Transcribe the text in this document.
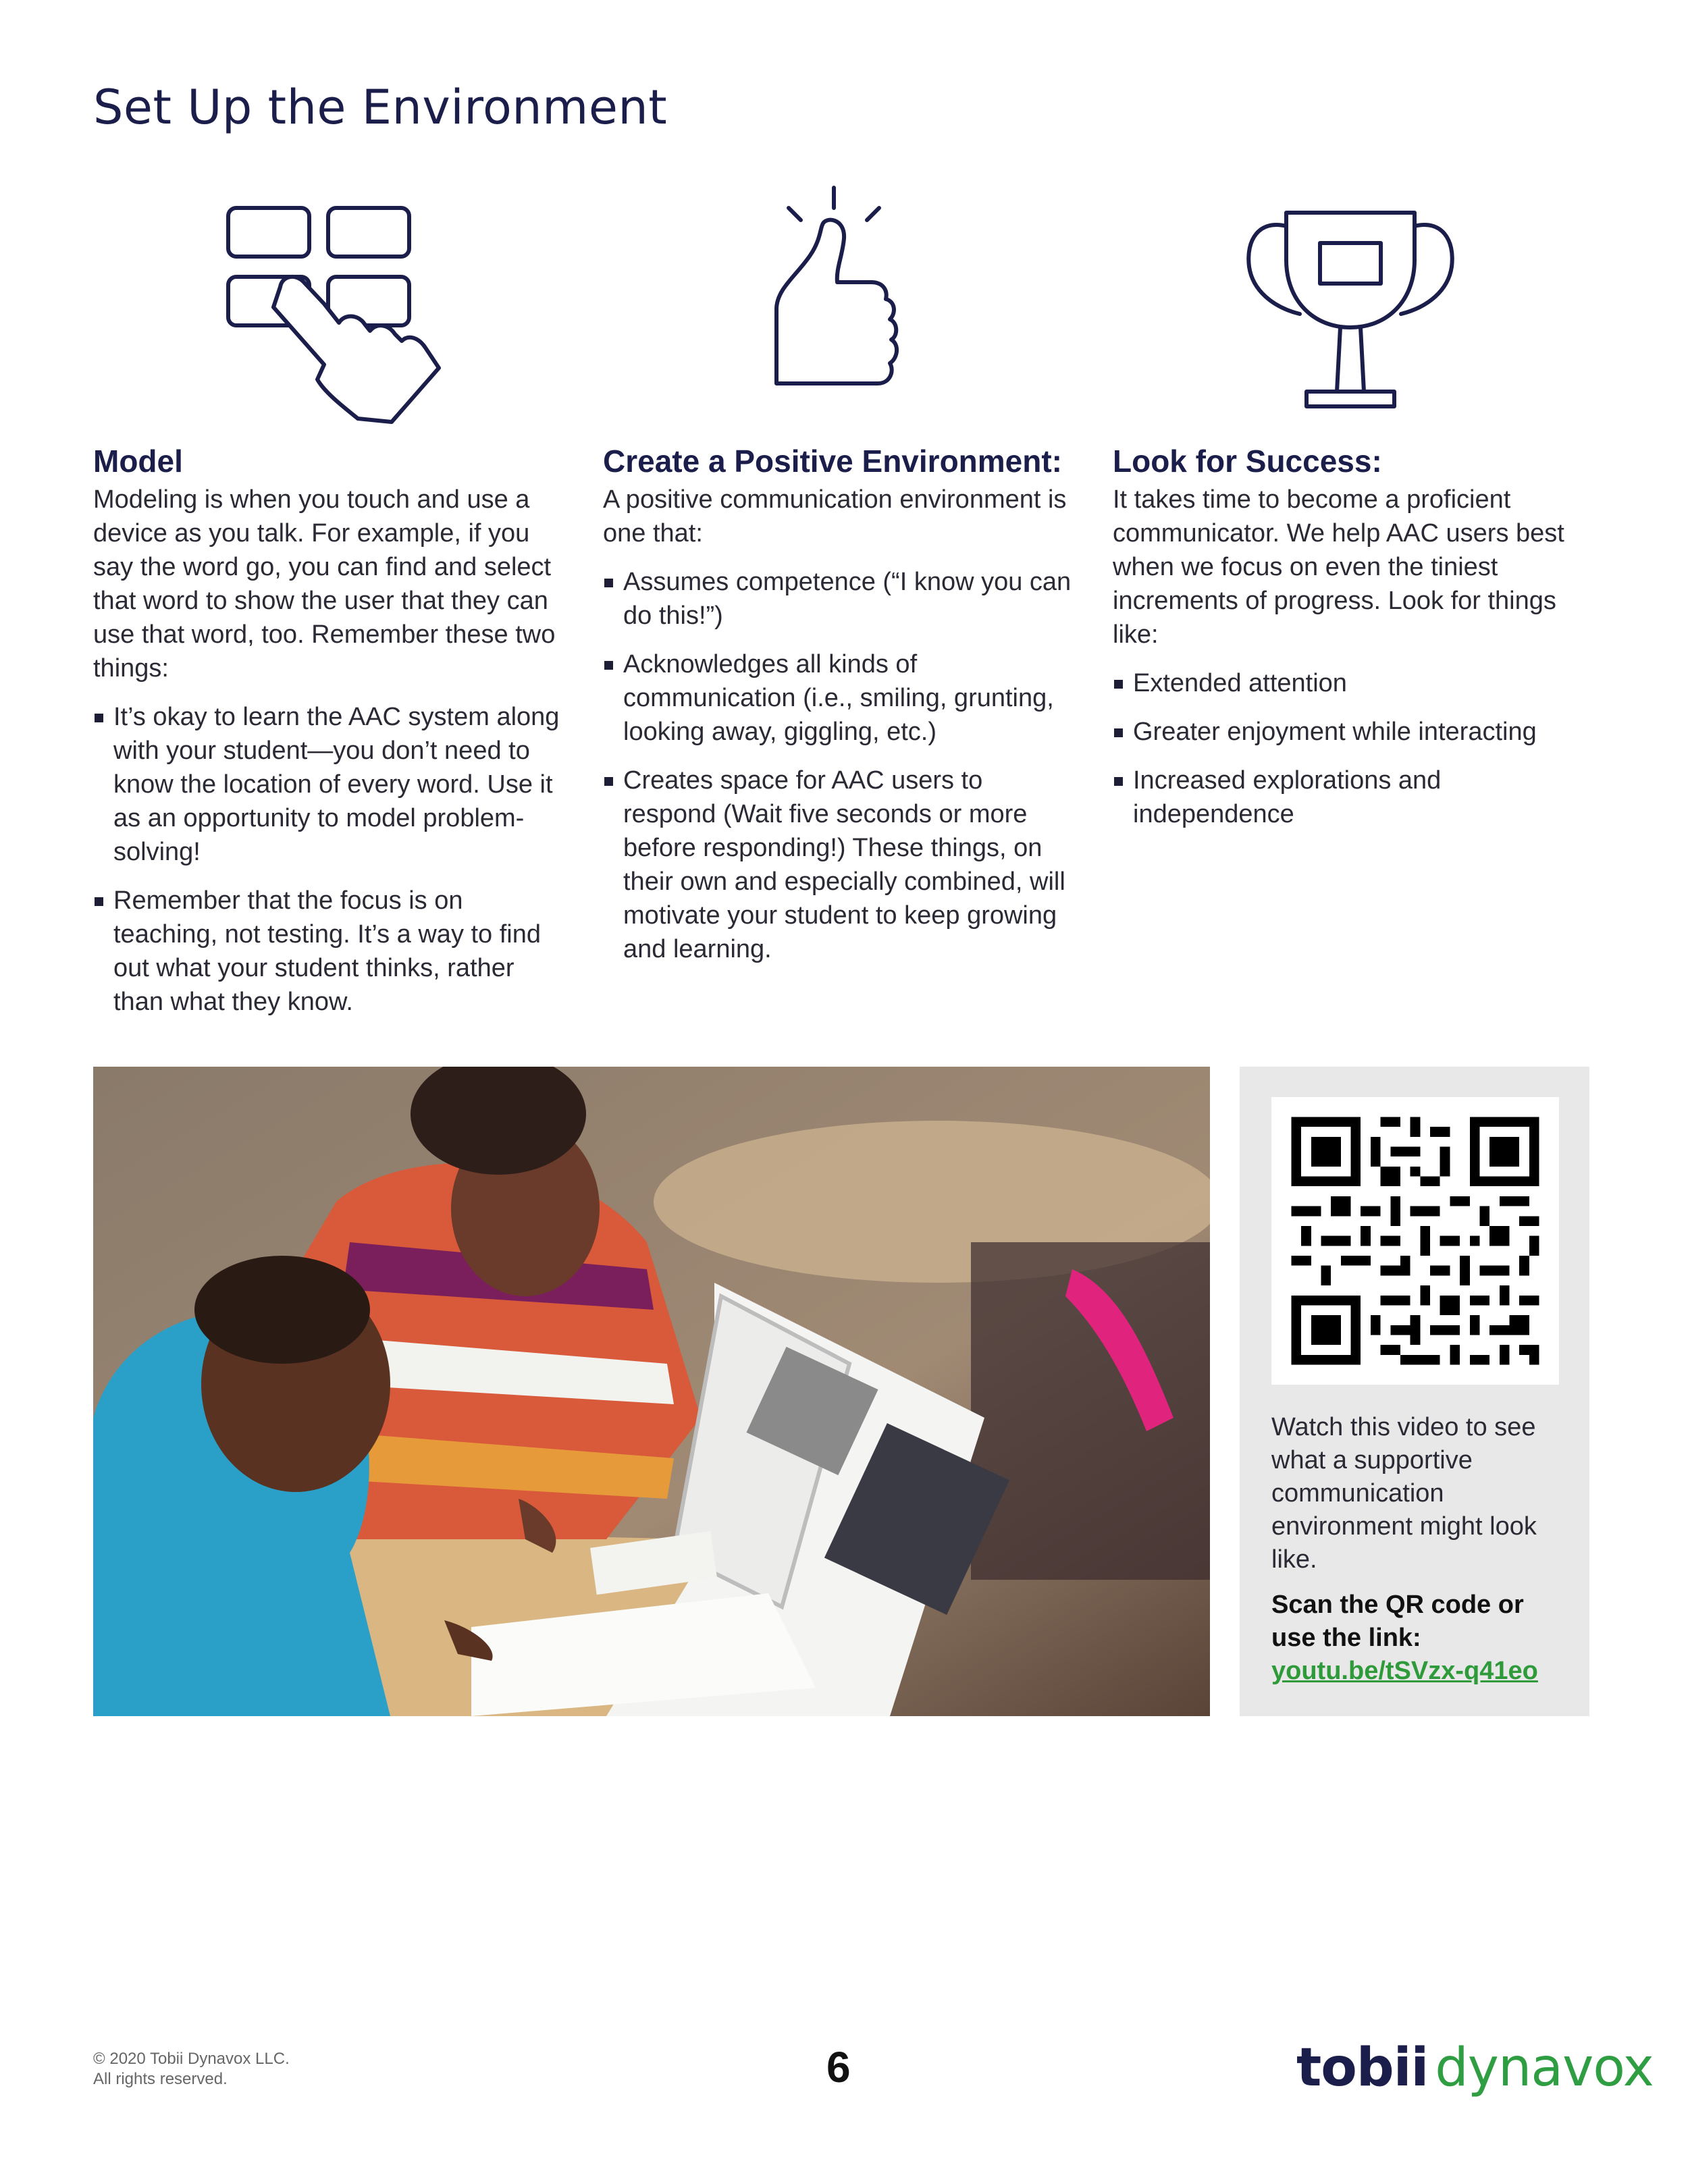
Set Up the Environment
Model

Modeling is when you touch and use a device as you talk. For example, if you say the word go, you can find and select that word to show the user that they can use that word, too. Remember these two things:

It’s okay to learn the AAC system along with your student—you don’t need to know the location of every word. Use it as an opportunity to model problem-solving!
Remember that the focus is on teaching, not testing. It’s a way to find out what your student thinks, rather than what they know.
Create a Positive Environment:

A positive communication environment is one that:

Assumes competence (“I know you can do this!”)
Acknowledges all kinds of communication (i.e., smiling, grunting, looking away, giggling, etc.)
Creates space for AAC users to respond (Wait five seconds or more before responding!) These things, on their own and especially combined, will motivate your student to keep growing and learning.
Look for Success:

It takes time to become a proficient communicator. We help AAC users best when we focus on even the tiniest increments of progress. Look for things like:

Extended attention
Greater enjoyment while interacting
Increased explorations and independence

Watch this video to see what a supportive communication environment might look like.

Scan the QR code or use the link:

youtu.be/tSVzx-q41eo
© 2020 Tobii Dynavox LLC.
All rights reserved.	6	tobii dynavox
